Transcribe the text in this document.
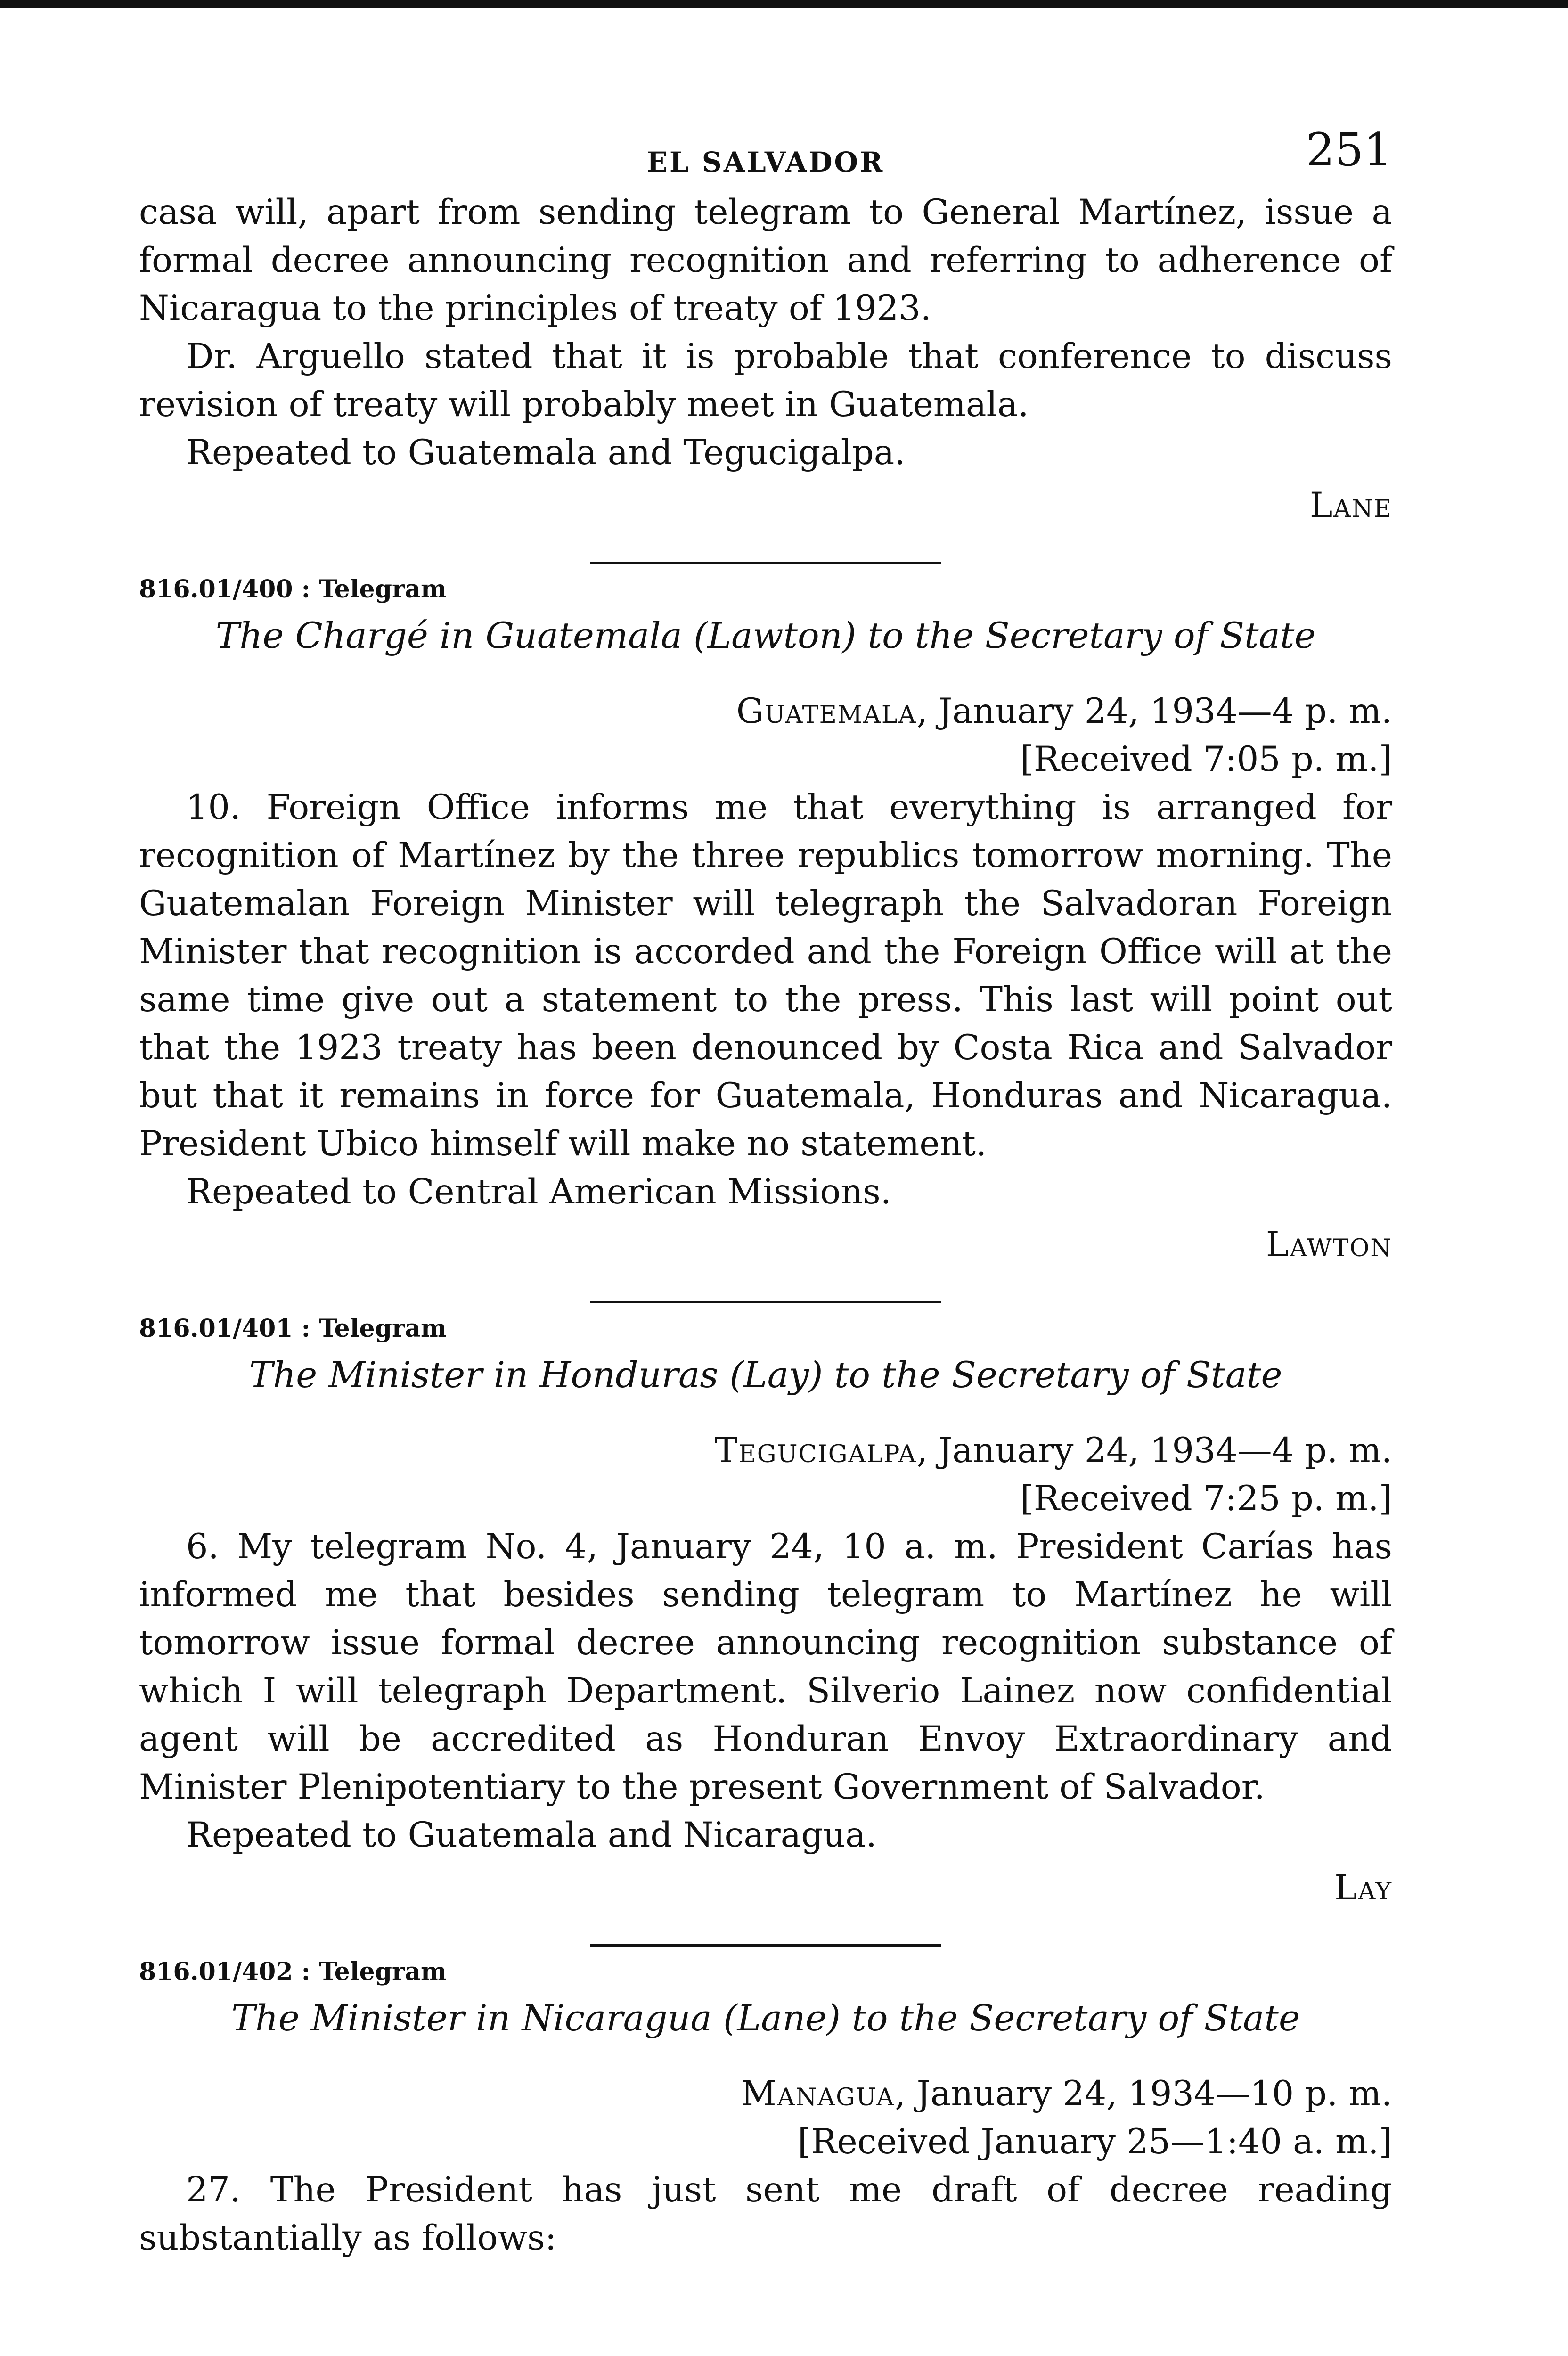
EL SALVADOR	251

casa will, apart from sending telegram to General Martínez, issue a formal decree announcing recognition and referring to adherence of Nicaragua to the principles of treaty of 1923.

Dr. Arguello stated that it is probable that conference to discuss revision of treaty will probably meet in Guatemala.

Repeated to Guatemala and Tegucigalpa.

Lane
816.01/400 : Telegram
The Chargé in Guatemala (Lawton) to the Secretary of State
Guatemala, January 24, 1934—4 p. m.
[Received 7:05 p. m.]

10. Foreign Office informs me that everything is arranged for recognition of Martínez by the three republics tomorrow morning. The Guatemalan Foreign Minister will telegraph the Salvadoran Foreign Minister that recognition is accorded and the Foreign Office will at the same time give out a statement to the press. This last will point out that the 1923 treaty has been denounced by Costa Rica and Salvador but that it remains in force for Guatemala, Honduras and Nicaragua. President Ubico himself will make no statement.

Repeated to Central American Missions.

Lawton
816.01/401 : Telegram
The Minister in Honduras (Lay) to the Secretary of State
Tegucigalpa, January 24, 1934—4 p. m.
[Received 7:25 p. m.]

6. My telegram No. 4, January 24, 10 a. m. President Carías has informed me that besides sending telegram to Martínez he will tomorrow issue formal decree announcing recognition substance of which I will telegraph Department. Silverio Lainez now confidential agent will be accredited as Honduran Envoy Extraordinary and Minister Plenipotentiary to the present Government of Salvador.

Repeated to Guatemala and Nicaragua.

Lay
816.01/402 : Telegram
The Minister in Nicaragua (Lane) to the Secretary of State
Managua, January 24, 1934—10 p. m.
[Received January 25—1:40 a. m.]

27. The President has just sent me draft of decree reading substantially as follows:
